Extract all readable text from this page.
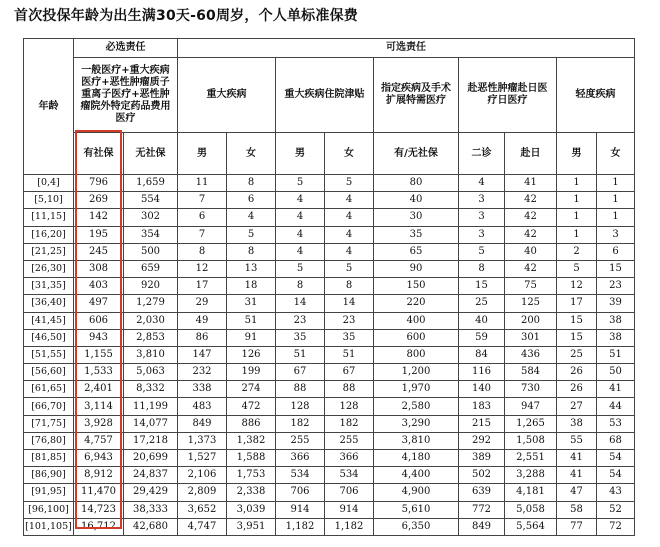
首次投保年龄为出生满30天-60周岁，个人单标准保费
年龄	必选责任		可选责任								
	一般医疗+重大疾病医疗+恶性肿瘤质子重离子医疗+恶性肿瘤院外特定药品费用医疗		重大疾病		重大疾病住院津贴		指定疾病及手术扩展特需医疗	赴恶性肿瘤赴日医疗日医疗		轻度疾病	
	有社保	无社保	男	女	男	女	有/无社保	二诊	赴日	男	女
[0,4]	796	1,659	11	8	5	5	80	4	41	1	1
[5,10]	269	554	7	6	4	4	40	3	42	1	1
[11,15]	142	302	6	4	4	4	30	3	42	1	1
[16,20]	195	354	7	5	4	4	35	3	42	1	3
[21,25]	245	500	8	8	4	4	65	5	40	2	6
[26,30]	308	659	12	13	5	5	90	8	42	5	15
[31,35]	403	920	17	18	8	8	150	15	75	12	23
[36,40]	497	1,279	29	31	14	14	220	25	125	17	39
[41,45]	606	2,030	49	51	23	23	400	40	200	15	38
[46,50]	943	2,853	86	91	35	35	600	59	301	15	38
[51,55]	1,155	3,810	147	126	51	51	800	84	436	25	51
[56,60]	1,533	5,063	232	199	67	67	1,200	116	584	26	50
[61,65]	2,401	8,332	338	274	88	88	1,970	140	730	26	41
[66,70]	3,114	11,199	483	472	128	128	2,580	183	947	27	44
[71,75]	3,928	14,077	849	886	182	182	3,290	215	1,265	38	53
[76,80]	4,757	17,218	1,373	1,382	255	255	3,810	292	1,508	55	68
[81,85]	6,943	20,699	1,527	1,588	366	366	4,180	389	2,551	41	54
[86,90]	8,912	24,837	2,106	1,753	534	534	4,400	502	3,288	41	54
[91,95]	11,470	29,429	2,809	2,338	706	706	4,900	639	4,181	47	43
[96,100]	14,723	38,333	3,652	3,039	914	914	5,610	772	5,058	58	52
[101,105]	16,712	42,680	4,747	3,951	1,182	1,182	6,350	849	5,564	77	72
